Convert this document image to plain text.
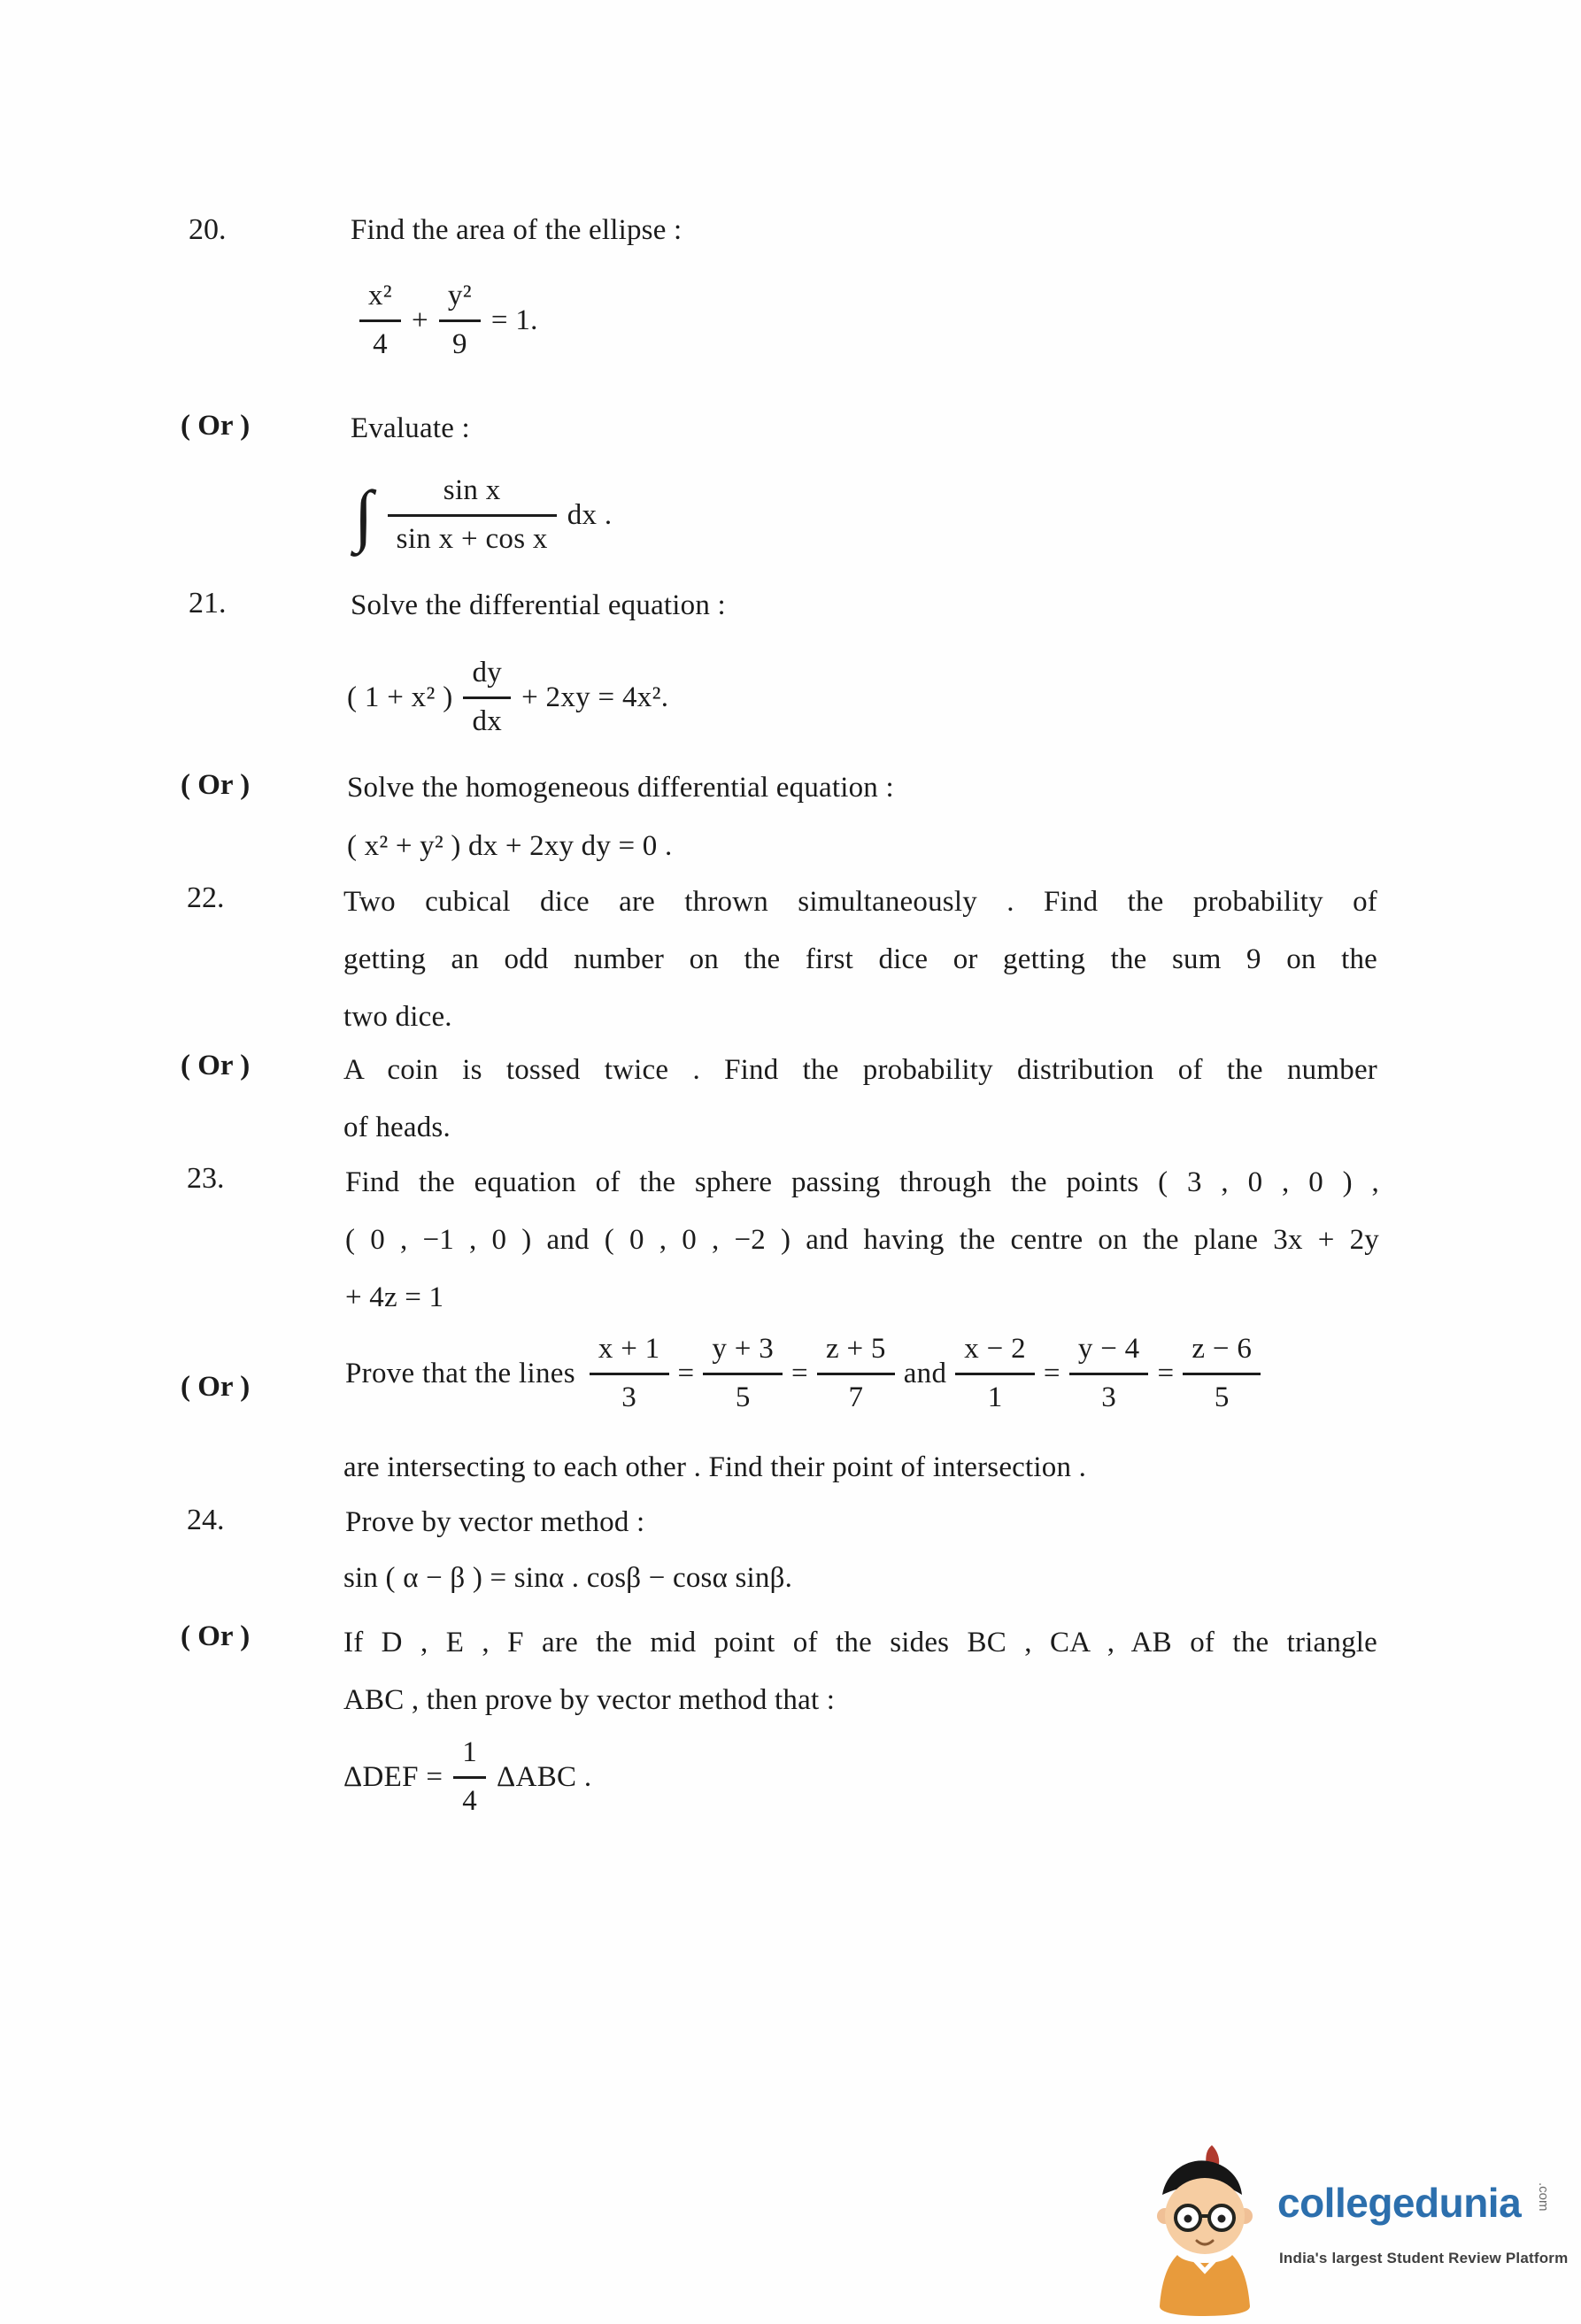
20.	Find the area of the ellipse :
$\frac{\text{x²}}{4} + \frac{\text{y²}}{9} = 1$.
( Or )	Evaluate :
∫ $\frac{\text{sin x}}{\text{sin x + cos x}}$ dx .
21.	Solve the differential equation :
( 1 + x² ) $\frac{dy}{dx} + 2xy = 4x^2$.
( Or )	Solve the homogeneous differential equation :
( x² + y² ) dx + 2xy dy = 0 .
22.	Two cubical dice are thrown simultaneously . Find the probability of
getting an odd number on the first dice or getting the sum 9 on the
two dice.
( Or )	A coin is tossed twice . Find the probability distribution of the number
of heads.
23.	Find the equation of the sphere passing through the points ( 3 , 0 , 0 ) ,
( 0 , −1 , 0 ) and ( 0 , 0 , −2 ) and having the centre on the plane 3x + 2y
+ 4z = 1
( Or )	Prove that the lines $\frac{x + 1}{3} = \frac{y + 3}{5} = \frac{z + 5}{7}$ and $\frac{x - 2}{1} = \frac{y - 4}{3} = \frac{z - 6}{5}$
are intersecting to each other . Find their point of intersection .
24.	Prove by vector method :
sin ( α − β ) = sinα . cosβ − cosα sinβ.
( Or )	If D , E , F are the mid point of the sides BC , CA , AB of the triangle
ABC , then prove by vector method that :
$\Delta DEF = \frac{1}{4}$ ΔABC .
collegedunia .com
India's largest Student Review Platform
